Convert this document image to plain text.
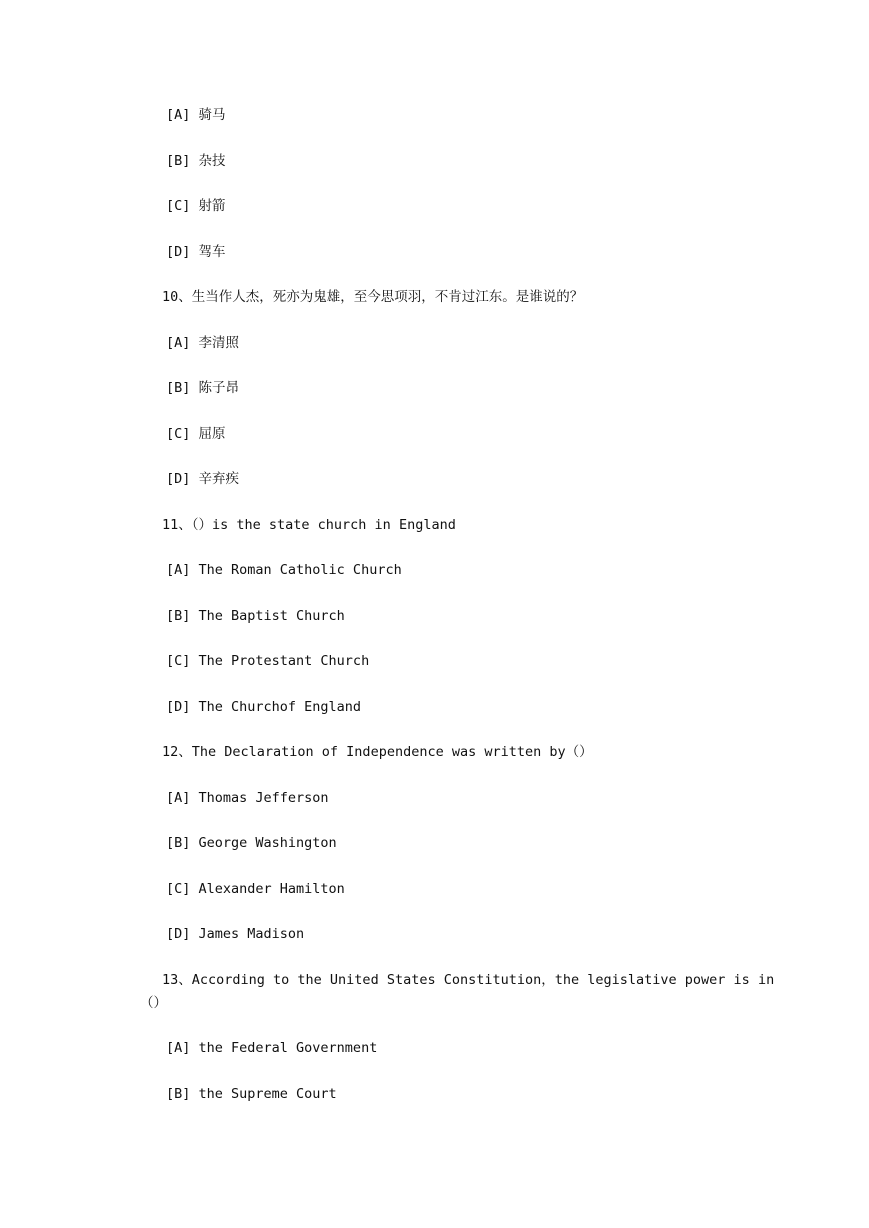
[A] 骑马
[B] 杂技
[C] 射箭
[D] 驾车
10、生当作人杰，死亦为鬼雄，至今思项羽，不肯过江东。是谁说的？
[A] 李清照
[B] 陈子昂
[C] 屈原
[D] 辛弃疾
11、（）is the state church in England
[A] The Roman Catholic Church
[B] The Baptist Church
[C] The Protestant Church
[D] The Churchof England
12、The Declaration of Independence was written by（）
[A] Thomas Jefferson
[B] George Washington
[C] Alexander Hamilton
[D] James Madison
13、According to the United States Constitution，the legislative power is in
（）
[A] the Federal Government
[B] the Supreme Court
